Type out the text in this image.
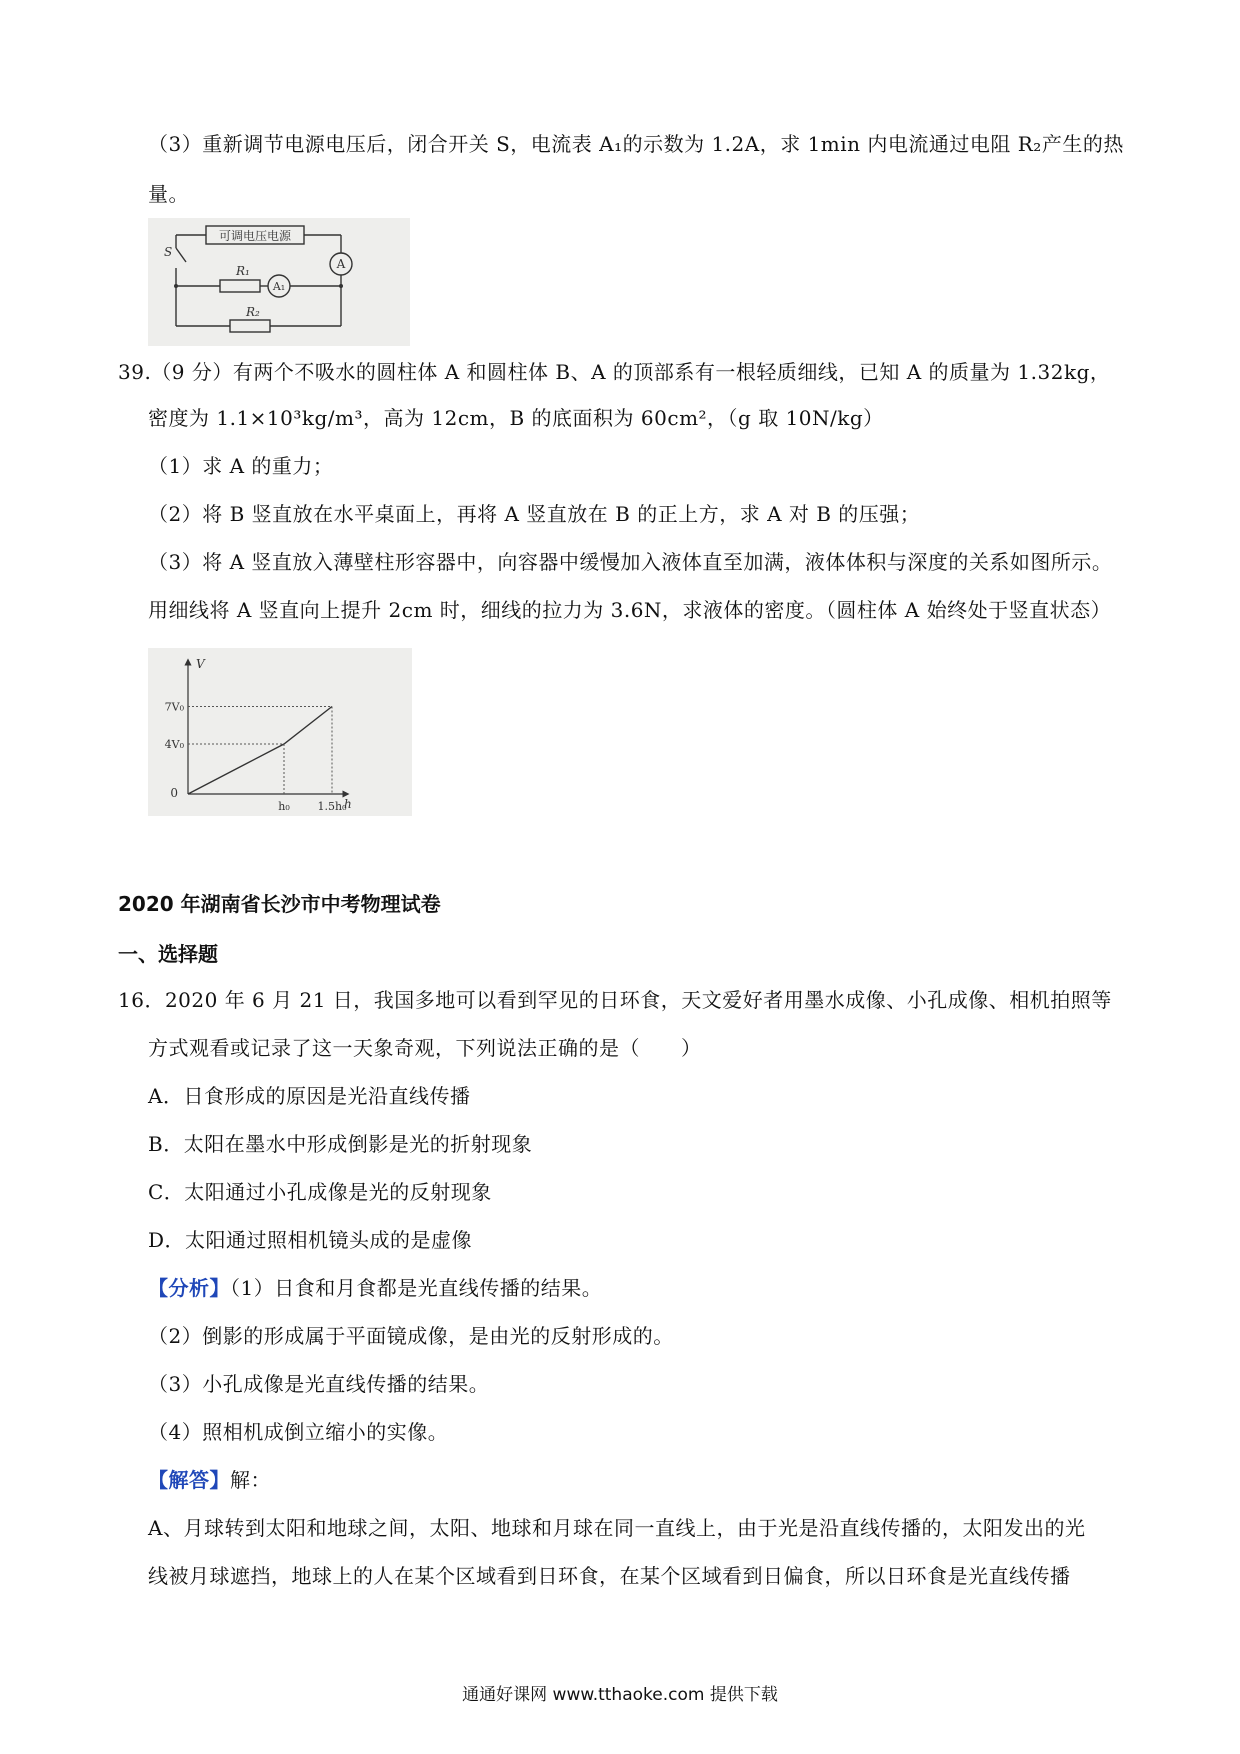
（3）重新调节电源电压后，闭合开关 S，电流表 A₁的示数为 1.2A，求 1min 内电流通过电阻 R₂产生的热
量。
可调电压电源
S
R₁
R₂
A
A₁
39.（9 分）有两个不吸水的圆柱体 A 和圆柱体 B、A 的顶部系有一根轻质细线，已知 A 的质量为 1.32kg，
密度为 1.1×10³kg/m³，高为 12cm，B 的底面积为 60cm²，（g 取 10N/kg）
（1）求 A 的重力；
（2）将 B 竖直放在水平桌面上，再将 A 竖直放在 B 的正上方，求 A 对 B 的压强；
（3）将 A 竖直放入薄壁柱形容器中，向容器中缓慢加入液体直至加满，液体体积与深度的关系如图所示。
用细线将 A 竖直向上提升 2cm 时，细线的拉力为 3.6N，求液体的密度。（圆柱体 A 始终处于竖直状态）
7V₀
4V₀
h₀	1.5h₀
V
h
0
2020 年湖南省长沙市中考物理试卷
一、选择题
16．2020 年 6 月 21 日，我国多地可以看到罕见的日环食，天文爱好者用墨水成像、小孔成像、相机拍照等
方式观看或记录了这一天象奇观，下列说法正确的是（　　）
A．日食形成的原因是光沿直线传播
B．太阳在墨水中形成倒影是光的折射现象
C．太阳通过小孔成像是光的反射现象
D．太阳通过照相机镜头成的是虚像
【分析】（1）日食和月食都是光直线传播的结果。
（2）倒影的形成属于平面镜成像，是由光的反射形成的。
（3）小孔成像是光直线传播的结果。
（4）照相机成倒立缩小的实像。
【解答】解：
A、月球转到太阳和地球之间，太阳、地球和月球在同一直线上，由于光是沿直线传播的，太阳发出的光
线被月球遮挡，地球上的人在某个区域看到日环食，在某个区域看到日偏食，所以日环食是光直线传播
通通好课网 www.tthaoke.com 提供下载
